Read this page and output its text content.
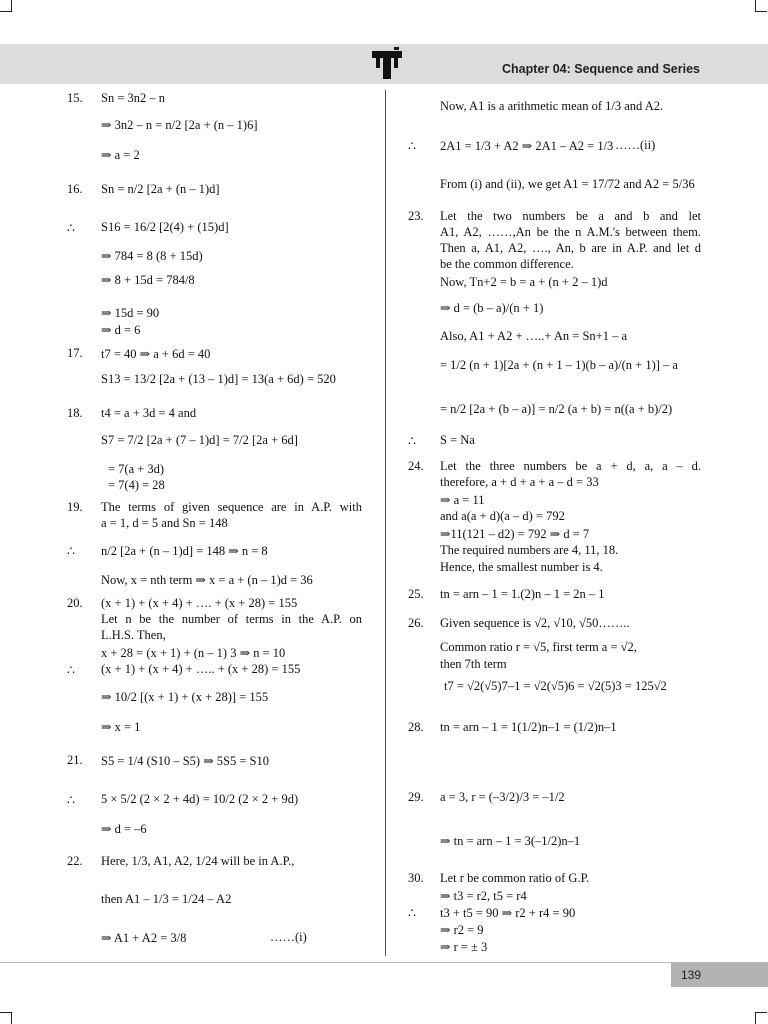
Chapter 04: Sequence and Series
139
15.	Sn = 3n2 – n
⇒ 3n2 – n = n/2 [2a + (n – 1)6]
⇒ a = 2
16.	Sn = n/2 [2a + (n – 1)d]
∴ S16 = 16/2 [2(4) + (15)d]
⇒ 784 = 8 (8 + 15d)
⇒ 8 + 15d = 784/8
⇒ 15d = 90
⇒ d = 6
17.	t7 = 40 ⇒ a + 6d = 40
S13 = 13/2 [2a + (13 – 1)d] = 13(a + 6d) = 520
18.	t4 = a + 3d = 4 and
S7 = 7/2 [2a + (7 – 1)d] = 7/2 [2a + 6d]
= 7(a + 3d)
= 7(4) = 28
19.	The terms of given sequence are in A.P. with
a = 1, d = 5 and Sn = 148
∴ n/2 [2a + (n – 1)d] = 148 ⇒ n = 8
Now, x = nth term ⇒ x = a + (n – 1)d = 36
20.	(x + 1) + (x + 4) + …. + (x + 28) = 155
Let n be the number of terms in the A.P. on
L.H.S. Then,
x + 28 = (x + 1) + (n – 1) 3 ⇒ n = 10
∴ (x + 1) + (x + 4) + ….. + (x + 28) = 155
⇒ 10/2 [(x + 1) + (x + 28)] = 155
⇒ x = 1
21.	S5 = 1/4 (S10 – S5) ⇒ 5S5 = S10
∴ 5 × 5/2 (2 × 2 + 4d) = 10/2 (2 × 2 + 9d)
⇒ d = –6
22.	Here, 1/3, A1, A2, 1/24 will be in A.P.,
then A1 – 1/3 = 1/24 – A2
⇒ A1 + A2 = 3/8	……(i)
Now, A1 is a arithmetic mean of 1/3 and A2.
∴ 2A1 = 1/3 + A2 ⇒ 2A1 – A2 = 1/3 ……(ii)
From (i) and (ii), we get A1 = 17/72 and A2 = 5/36
23.	Let the two numbers be a and b and let
A1, A2, ……,An be the n A.M.'s between them.
Then a, A1, A2, …., An, b are in A.P. and let d
be the common difference.
Now, Tn+2 = b = a + (n + 2 – 1)d
⇒ d = (b – a)/(n + 1)
Also, A1 + A2 + …..+ An = Sn+1 – a
= 1/2 (n + 1)[2a + (n + 1 – 1)(b – a)/(n + 1)] – a
= n/2 [2a + (b – a)] = n/2 (a + b) = n((a + b)/2)
∴ S = Na
24.	Let the three numbers be a + d, a, a – d.
therefore, a + d + a + a – d = 33
⇒ a = 11
and a(a + d)(a – d) = 792
⇒11(121 – d2) = 792 ⇒ d = 7
The required numbers are 4, 11, 18.
Hence, the smallest number is 4.
25.	tn = arn – 1 = 1.(2)n – 1 = 2n – 1
26.	Given sequence is √2, √10, √50……..
Common ratio r = √5, first term a = √2,
then 7th term
t7 = √2(√5)7–1 = √2(√5)6 = √2(5)3 = 125√2
28.	tn = arn – 1 = 1(1/2)n–1 = (1/2)n–1
29.	a = 3, r = (–3/2)/3 = –1/2
⇒ tn = arn – 1 = 3(–1/2)n–1
30.	Let r be common ratio of G.P.
⇒ t3 = r2, t5 = r4
∴ t3 + t5 = 90 ⇒ r2 + r4 = 90
⇒ r2 = 9
⇒ r = ± 3
